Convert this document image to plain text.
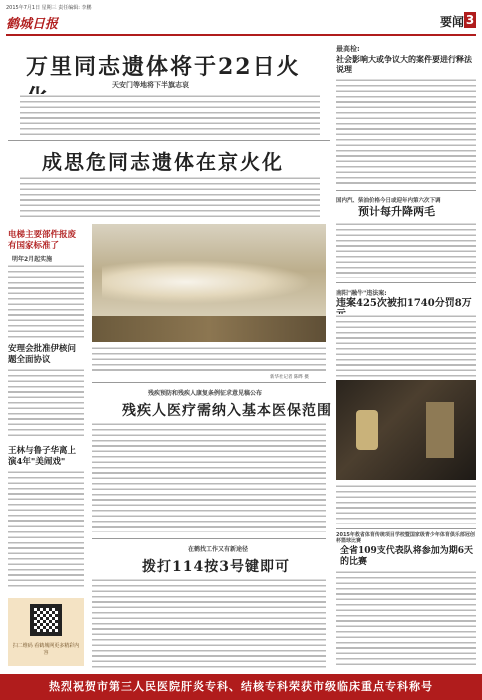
2015年7月1日 星期三 责任编辑: 李鹏
鹤城日报	要闻 3
万里同志遗体将于22日火
天安门等地将下半旗志哀
成思危同志遗体在京火化
电梯主要部件报废有国家标准了
明年2月起实施
安理会批准伊核问题全面协议
王林与鲁子华离上演4年"美闹戏"
扫二维码 看鹤城网更多精彩内容
新华社记者 陈晔 摄
残疾预防和残疾人康复条例征求意见稿公布
残疾人医疗需纳入基本医保范围
在鹤找工作又有新途径
拨打114按3号键即可
最高检:
社会影响大或争议大的案件要进行释法说理
国内汽、柴油价格今日或迎年内第六次下调
预计每升降两毛
南阳"融牛"违法案:
违案425次被扣1740分罚8万
2015年救省体育传统项目学校暨国家级青少年体育俱乐部冠创杯篮球比赛
全省109支代表队将参加为期6天的比赛
热烈祝贺市第三人民医院肝炎专科、结核专科荣获市级临床重点专科称号
